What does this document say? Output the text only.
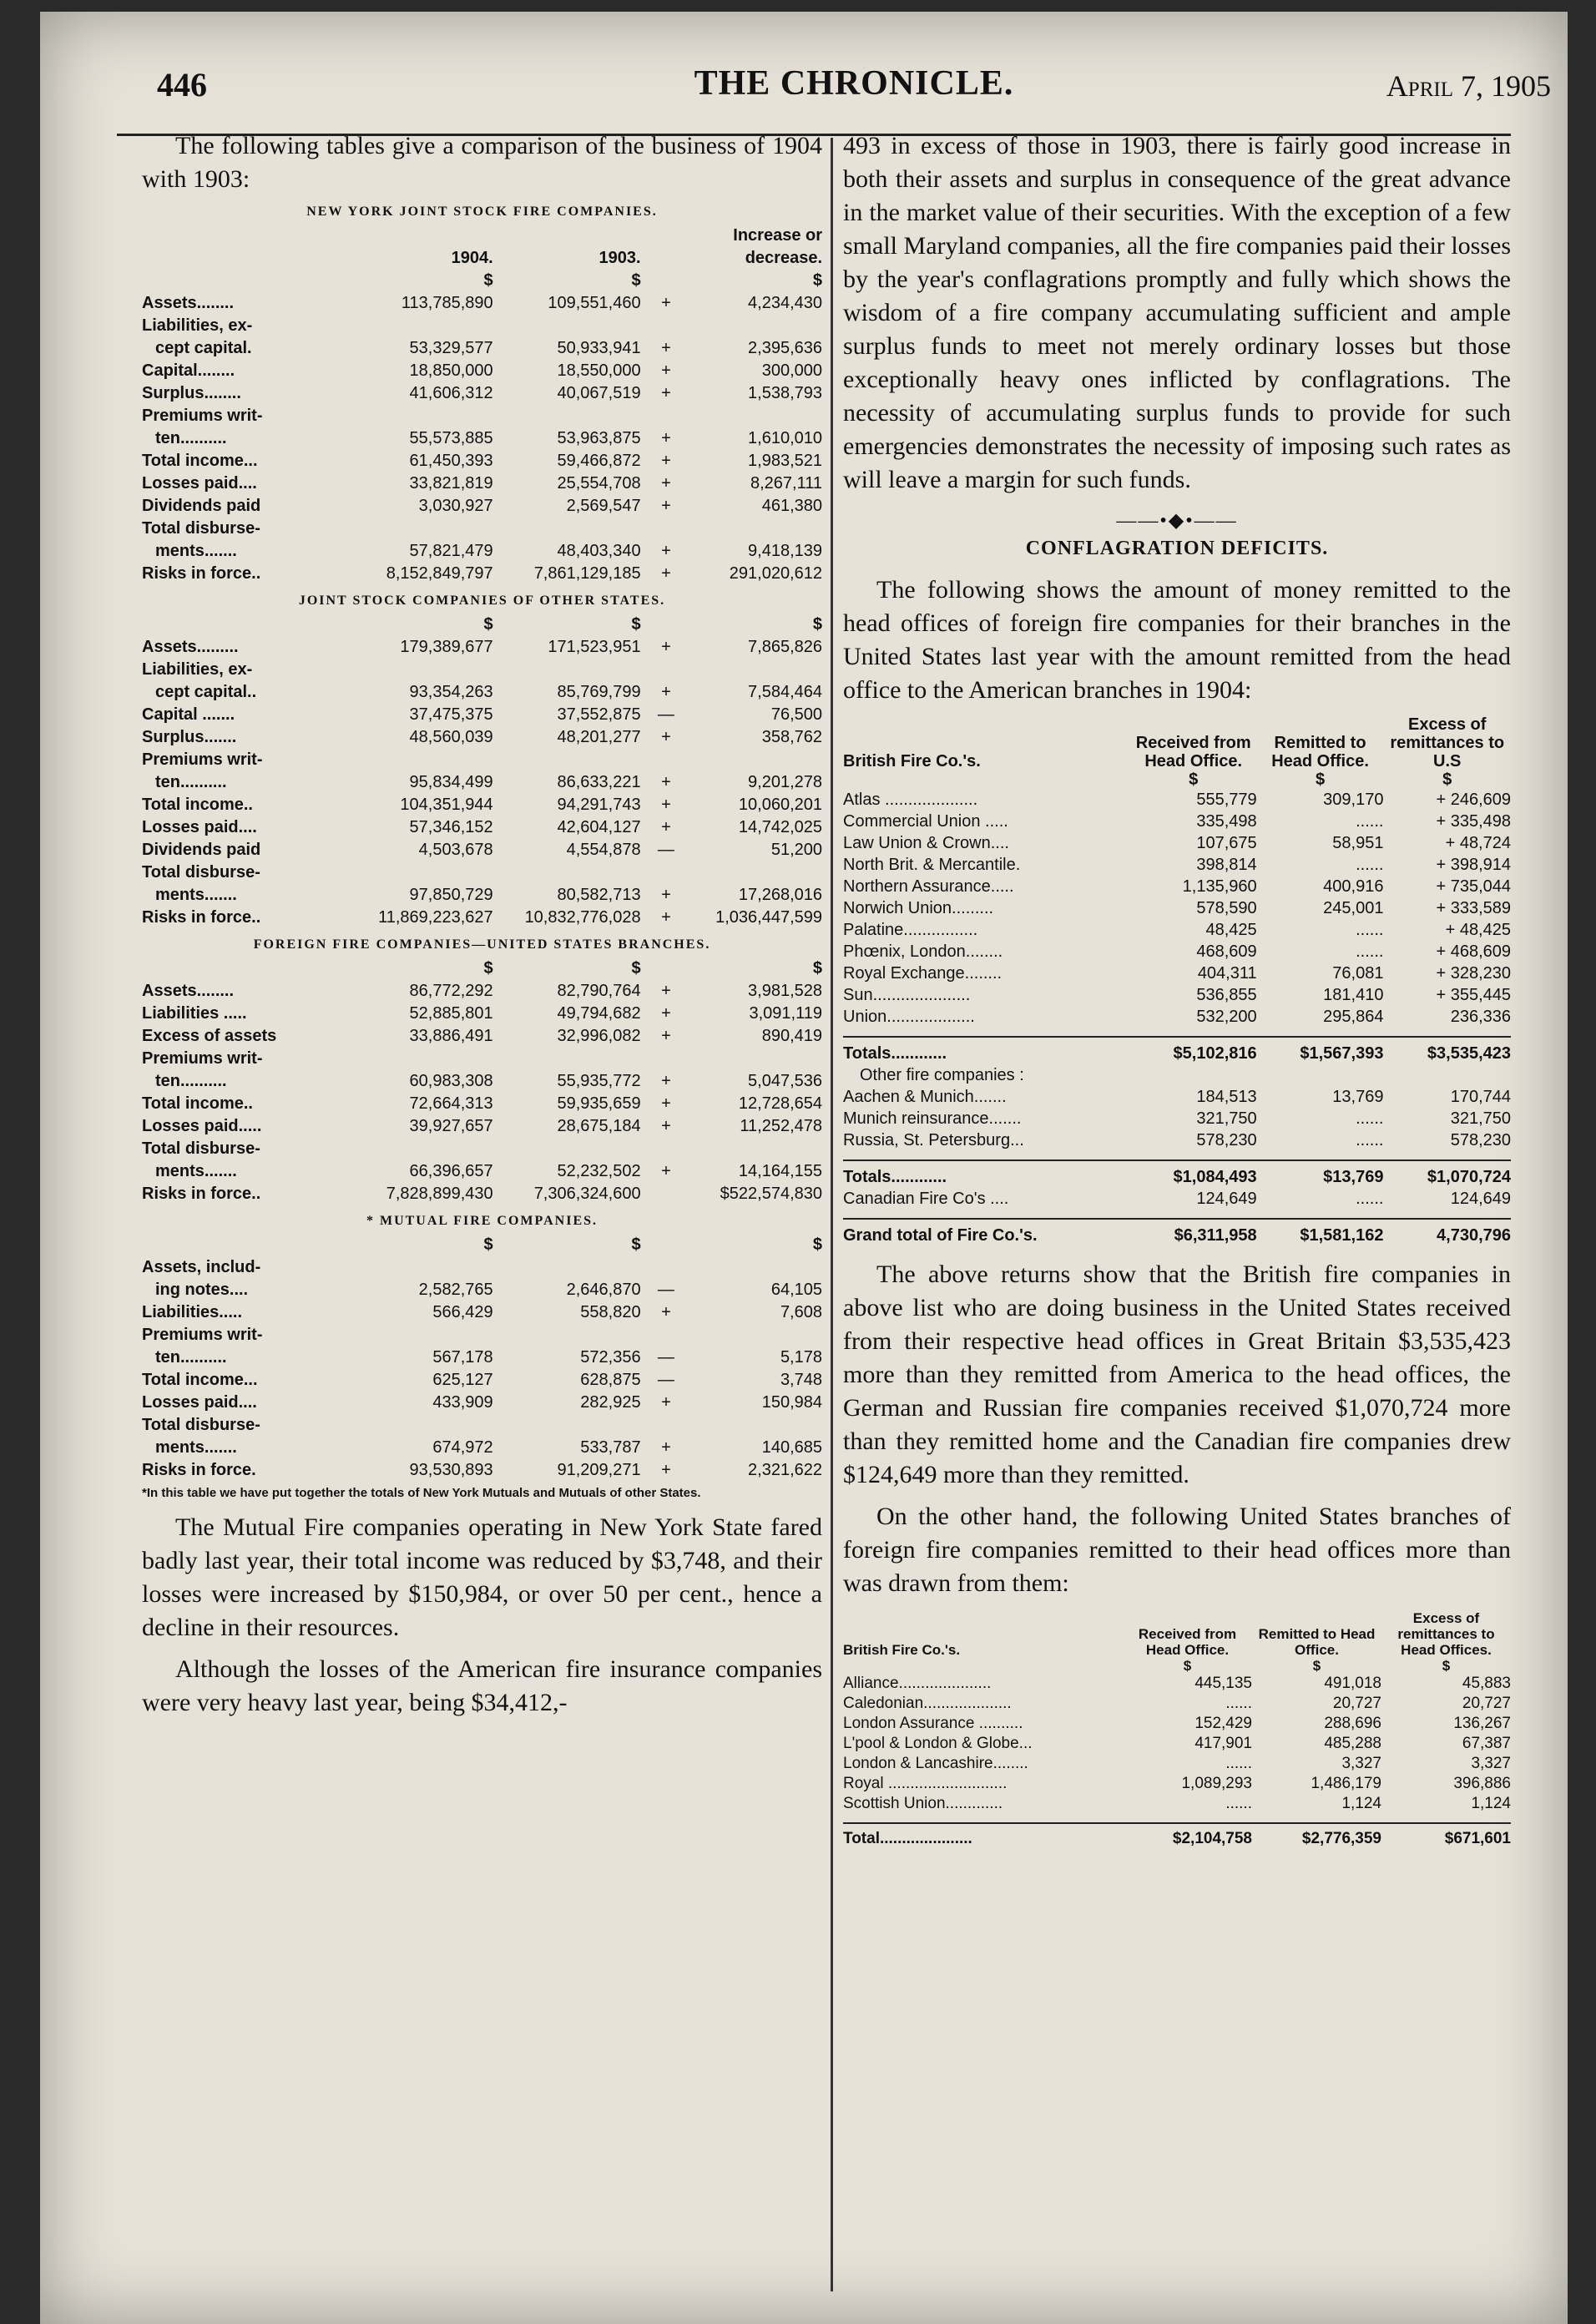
446	THE CHRONICLE.	April 7, 1905

The following tables give a comparison of the business of 1904 with 1903:

NEW YORK JOINT STOCK FIRE COMPANIES.
	1904.	1903.		Increase or decrease.
	$	$		$
Assets........	113,785,890	109,551,460	+	4,234,430
Liabilities, ex-				
cept capital.	53,329,577	50,933,941	+	2,395,636
Capital........	18,850,000	18,550,000	+	300,000
Surplus........	41,606,312	40,067,519	+	1,538,793
Premiums writ-				
ten..........	55,573,885	53,963,875	+	1,610,010
Total income...	61,450,393	59,466,872	+	1,983,521
Losses paid....	33,821,819	25,554,708	+	8,267,111
Dividends paid	3,030,927	2,569,547	+	461,380
Total disburse-				
ments.......	57,821,479	48,403,340	+	9,418,139
Risks in force..	8,152,849,797	7,861,129,185	+	291,020,612
JOINT STOCK COMPANIES OF OTHER STATES.
	$	$		$
Assets.........	179,389,677	171,523,951	+	7,865,826
Liabilities, ex-				
cept capital..	93,354,263	85,769,799	+	7,584,464
Capital .......	37,475,375	37,552,875	—	76,500
Surplus.......	48,560,039	48,201,277	+	358,762
Premiums writ-				
ten..........	95,834,499	86,633,221	+	9,201,278
Total income..	104,351,944	94,291,743	+	10,060,201
Losses paid....	57,346,152	42,604,127	+	14,742,025
Dividends paid	4,503,678	4,554,878	—	51,200
Total disburse-				
ments.......	97,850,729	80,582,713	+	17,268,016
Risks in force..	11,869,223,627	10,832,776,028	+	1,036,447,599
FOREIGN FIRE COMPANIES—UNITED STATES BRANCHES.
	$	$		$
Assets........	86,772,292	82,790,764	+	3,981,528
Liabilities .....	52,885,801	49,794,682	+	3,091,119
Excess of assets	33,886,491	32,996,082	+	890,419
Premiums writ-				
ten..........	60,983,308	55,935,772	+	5,047,536
Total income..	72,664,313	59,935,659	+	12,728,654
Losses paid.....	39,927,657	28,675,184	+	11,252,478
Total disburse-				
ments.......	66,396,657	52,232,502	+	14,164,155
Risks in force..	7,828,899,430	7,306,324,600		$522,574,830
* MUTUAL FIRE COMPANIES.
	$	$		$
Assets, includ-				
ing notes....	2,582,765	2,646,870	—	64,105
Liabilities.....	566,429	558,820	+	7,608
Premiums writ-				
ten..........	567,178	572,356	—	5,178
Total income...	625,127	628,875	—	3,748
Losses paid....	433,909	282,925	+	150,984
Total disburse-				
ments.......	674,972	533,787	+	140,685
Risks in force.	93,530,893	91,209,271	+	2,321,622
*In this table we have put together the totals of New York Mutuals and Mutuals of other States.

The Mutual Fire companies operating in New York State fared badly last year, their total income was reduced by $3,748, and their losses were increased by $150,984, or over 50 per cent., hence a decline in their resources.

Although the losses of the American fire insurance companies were very heavy last year, being $34,412,-

493 in excess of those in 1903, there is fairly good increase in both their assets and surplus in consequence of the great advance in the market value of their securities. With the exception of a few small Maryland companies, all the fire companies paid their losses by the year's conflagrations promptly and fully which shows the wisdom of a fire company accumulating sufficient and ample surplus funds to meet not merely ordinary losses but those exceptionally heavy ones inflicted by conflagrations. The necessity of accumulating surplus funds to provide for such emergencies demonstrates the necessity of imposing such rates as will leave a margin for such funds.

——•◆•——
CONFLAGRATION DEFICITS.

The following shows the amount of money remitted to the head offices of foreign fire companies for their branches in the United States last year with the amount remitted from the head office to the American branches in 1904:

British Fire Co.'s.	Received from Head Office.	Remitted to Head Office.	Excess of remittances to U.S
	$	$	$
Atlas ....................	555,779	309,170	+ 246,609
Commercial Union .....	335,498	......	+ 335,498
Law Union & Crown....	107,675	58,951	+ 48,724
North Brit. & Mercantile.	398,814	......	+ 398,914
Northern Assurance.....	1,135,960	400,916	+ 735,044
Norwich Union.........	578,590	245,001	+ 333,589
Palatine................	48,425	......	+ 48,425
Phœnix, London........	468,609	......	+ 468,609
Royal Exchange........	404,311	76,081	+ 328,230
Sun.....................	536,855	181,410	+ 355,445
Union...................	532,200	295,864	236,336

Totals............	$5,102,816	$1,567,393	$3,535,423
Other fire companies :			
Aachen & Munich.......	184,513	13,769	170,744
Munich reinsurance.......	321,750	......	321,750
Russia, St. Petersburg...	578,230	......	578,230

Totals............	$1,084,493	$13,769	$1,070,724
Canadian Fire Co's ....	124,649	......	124,649

Grand total of Fire Co.'s.	$6,311,958	$1,581,162	4,730,796

The above returns show that the British fire companies in above list who are doing business in the United States received from their respective head offices in Great Britain $3,535,423 more than they remitted from America to the head offices, the German and Russian fire companies received $1,070,724 more than they remitted home and the Canadian fire companies drew $124,649 more than they remitted.

On the other hand, the following United States branches of foreign fire companies remitted to their head offices more than was drawn from them:

British Fire Co.'s.	Received from Head Office.	Remitted to Head Office.	Excess of remittances to Head Offices.
	$	$	$
Alliance.....................	445,135	491,018	45,883
Caledonian....................	......	20,727	20,727
London Assurance ..........	152,429	288,696	136,267
L'pool & London & Globe...	417,901	485,288	67,387
London & Lancashire........	......	3,327	3,327
Royal ...........................	1,089,293	1,486,179	396,886
Scottish Union.............	......	1,124	1,124

Total.....................	$2,104,758	$2,776,359	$671,601
